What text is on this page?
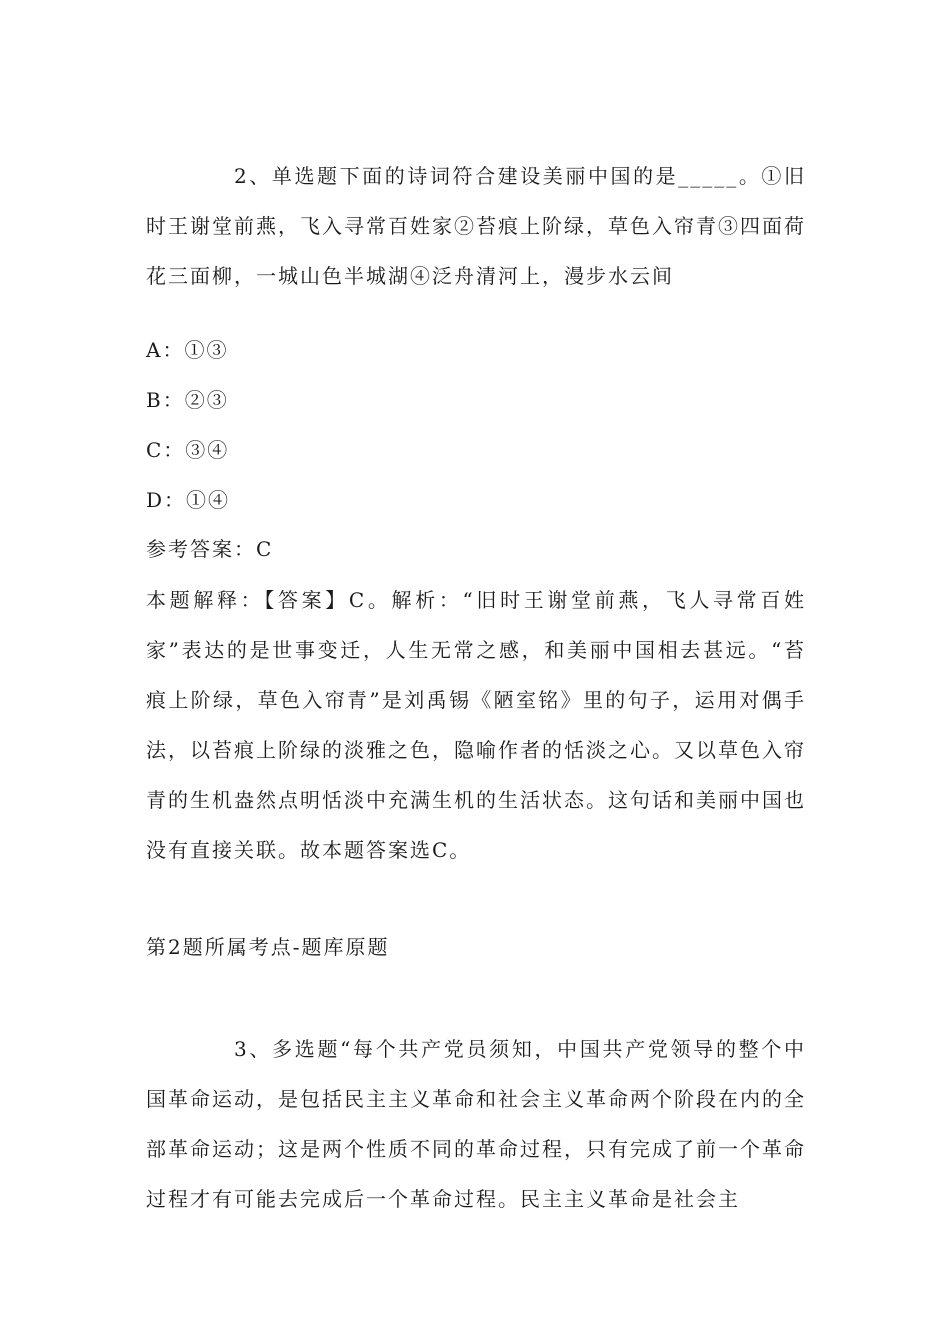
2、单选题下面的诗词符合建设美丽中国的是_____。①旧时王谢堂前燕，飞入寻常百姓家②苔痕上阶绿，草色入帘青③四面荷花三面柳，一城山色半城湖④泛舟清河上，漫步水云间

A：①③

B：②③

C：③④

D：①④

参考答案：C

本题解释：【答案】C。解析：“旧时王谢堂前燕，飞人寻常百姓家”表达的是世事变迁，人生无常之感，和美丽中国相去甚远。“苔痕上阶绿，草色入帘青”是刘禹锡《陋室铭》里的句子，运用对偶手法，以苔痕上阶绿的淡雅之色，隐喻作者的恬淡之心。又以草色入帘青的生机盎然点明恬淡中充满生机的生活状态。这句话和美丽中国也没有直接关联。故本题答案选C。

第2题所属考点-题库原题

3、多选题“每个共产党员须知，中国共产党领导的整个中国革命运动，是包括民主主义革命和社会主义革命两个阶段在内的全部革命运动；这是两个性质不同的革命过程，只有完成了前一个革命过程才有可能去完成后一个革命过程。民主主义革命是社会主
